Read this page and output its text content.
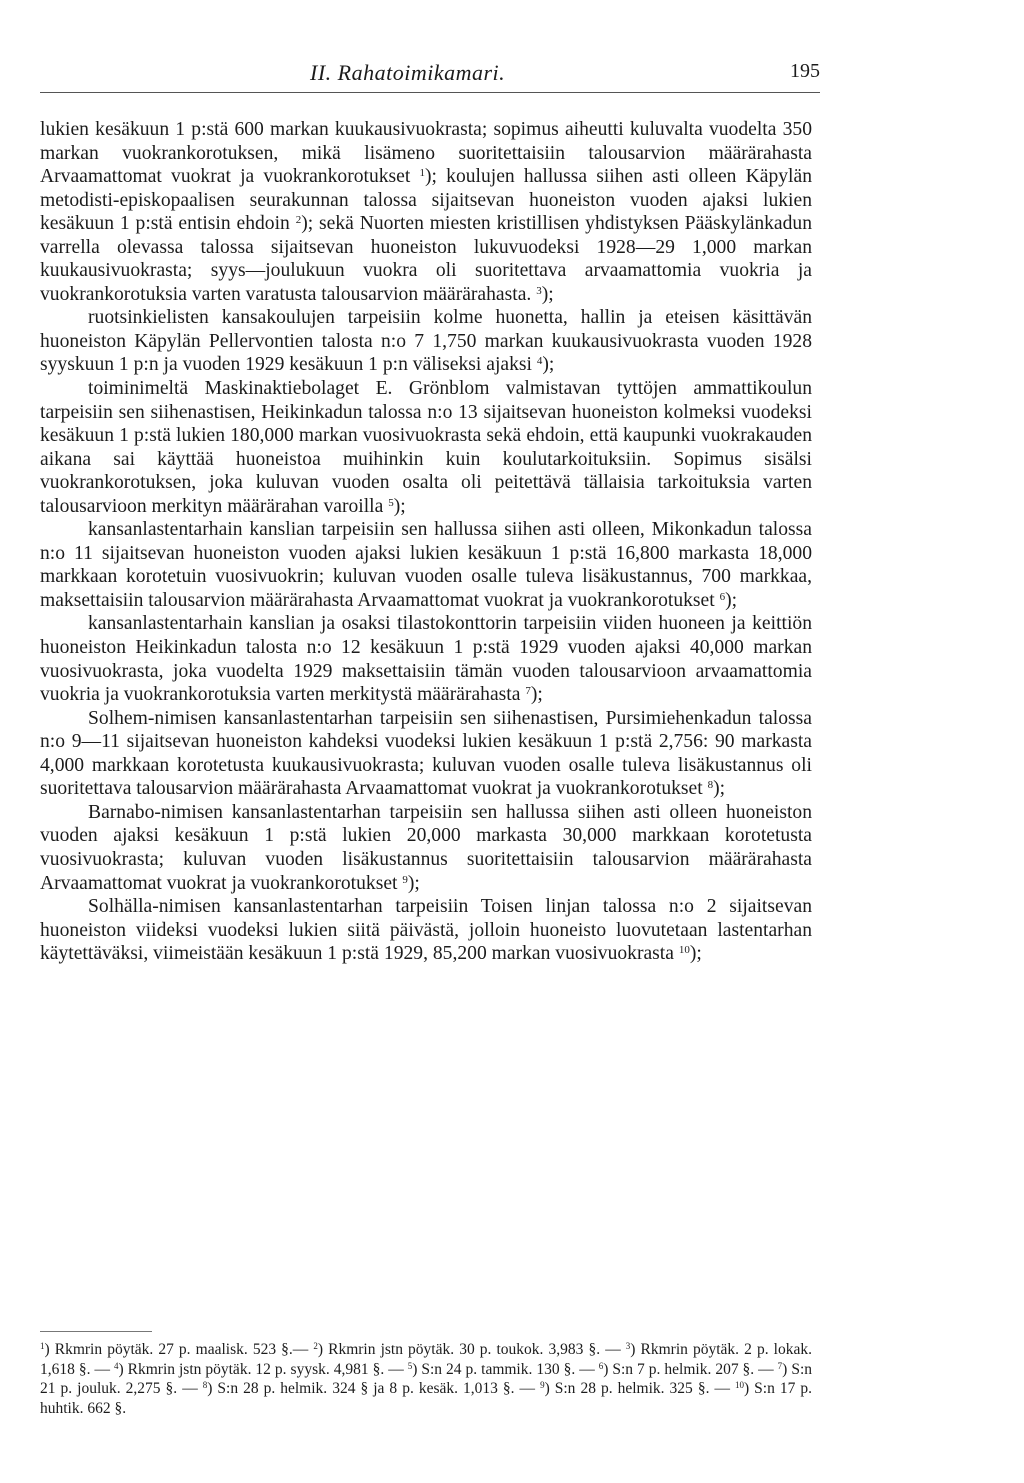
II. Rahatoimikamari.	195

lukien kesäkuun 1 p:stä 600 markan kuukausivuokrasta; sopimus aiheutti kuluvalta vuodelta 350 markan vuokrankorotuksen, mikä lisämeno suoritettaisiin talousarvion määrärahasta Arvaamattomat vuokrat ja vuokrankorotukset $^1$); koulujen hallussa siihen asti olleen Käpylän metodisti-episkopaalisen seurakunnan talossa sijaitsevan huoneiston vuoden ajaksi lukien kesäkuun 1 p:stä entisin ehdoin $^2$); sekä Nuorten miesten kristillisen yhdistyksen Pääskylänkadun varrella olevassa talossa sijaitsevan huoneiston lukuvuodeksi 1928—29 1,000 markan kuukausivuokrasta; syys—joulukuun vuokra oli suoritettava arvaamattomia vuokria ja vuokrankorotuksia varten varatusta talousarvion määrärahasta. $^3$);

ruotsinkielisten kansakoulujen tarpeisiin kolme huonetta, hallin ja eteisen käsittävän huoneiston Käpylän Pellervontien talosta n:o 7 1,750 markan kuukausivuokrasta vuoden 1928 syyskuun 1 p:n ja vuoden 1929 kesäkuun 1 p:n väliseksi ajaksi $^4$);

toiminimeltä Maskinaktiebolaget E. Grönblom valmistavan tyttöjen ammattikoulun tarpeisiin sen siihenastisen, Heikinkadun talossa n:o 13 sijaitsevan huoneiston kolmeksi vuodeksi kesäkuun 1 p:stä lukien 180,000 markan vuosivuokrasta sekä ehdoin, että kaupunki vuokrakauden aikana sai käyttää huoneistoa muihinkin kuin koulutarkoituksiin. Sopimus sisälsi vuokrankorotuksen, joka kuluvan vuoden osalta oli peitettävä tällaisia tarkoituksia varten talousarvioon merkityn määrärahan varoilla $^5$);

kansanlastentarhain kanslian tarpeisiin sen hallussa siihen asti olleen, Mikonkadun talossa n:o 11 sijaitsevan huoneiston vuoden ajaksi lukien kesäkuun 1 p:stä 16,800 markasta 18,000 markkaan korotetuin vuosivuokrin; kuluvan vuoden osalle tuleva lisäkustannus, 700 markkaa, maksettaisiin talousarvion määrärahasta Arvaamattomat vuokrat ja vuokrankorotukset $^6$);

kansanlastentarhain kanslian ja osaksi tilastokonttorin tarpeisiin viiden huoneen ja keittiön huoneiston Heikinkadun talosta n:o 12 kesäkuun 1 p:stä 1929 vuoden ajaksi 40,000 markan vuosivuokrasta, joka vuodelta 1929 maksettaisiin tämän vuoden talousarvioon arvaamattomia vuokria ja vuokrankorotuksia varten merkitystä määrärahasta $^7$);

Solhem-nimisen kansanlastentarhan tarpeisiin sen siihenastisen, Pursimiehenkadun talossa n:o 9—11 sijaitsevan huoneiston kahdeksi vuodeksi lukien kesäkuun 1 p:stä 2,756: 90 markasta 4,000 markkaan korotetusta kuukausivuokrasta; kuluvan vuoden osalle tuleva lisäkustannus oli suoritettava talousarvion määrärahasta Arvaamattomat vuokrat ja vuokrankorotukset $^8$);

Barnabo-nimisen kansanlastentarhan tarpeisiin sen hallussa siihen asti olleen huoneiston vuoden ajaksi kesäkuun 1 p:stä lukien 20,000 markasta 30,000 markkaan korotetusta vuosivuokrasta; kuluvan vuoden lisäkustannus suoritettaisiin talousarvion määrärahasta Arvaamattomat vuokrat ja vuokrankorotukset $^9$);

Solhälla-nimisen kansanlastentarhan tarpeisiin Toisen linjan talossa n:o 2 sijaitsevan huoneiston viideksi vuodeksi lukien siitä päivästä, jolloin huoneisto luovutetaan lastentarhan käytettäväksi, viimeistään kesäkuun 1 p:stä 1929, 85,200 markan vuosivuokrasta $^{10}$);

$^1$) Rkmrin pöytäk. 27 p. maalisk. 523 §.— $^2$) Rkmrin jstn pöytäk. 30 p. toukok. 3,983 §. — $^3$) Rkmrin pöytäk. 2 p. lokak. 1,618 §. — $^4$) Rkmrin jstn pöytäk. 12 p. syysk. 4,981 §. — $^5$) S:n 24 p. tammik. 130 §. — $^6$) S:n 7 p. helmik. 207 §. — $^7$) S:n 21 p. jouluk. 2,275 §. — $^8$) S:n 28 p. helmik. 324 § ja 8 p. kesäk. 1,013 §. — $^9$) S:n 28 p. helmik. 325 §. — $^{10}$) S:n 17 p. huhtik. 662 §.
